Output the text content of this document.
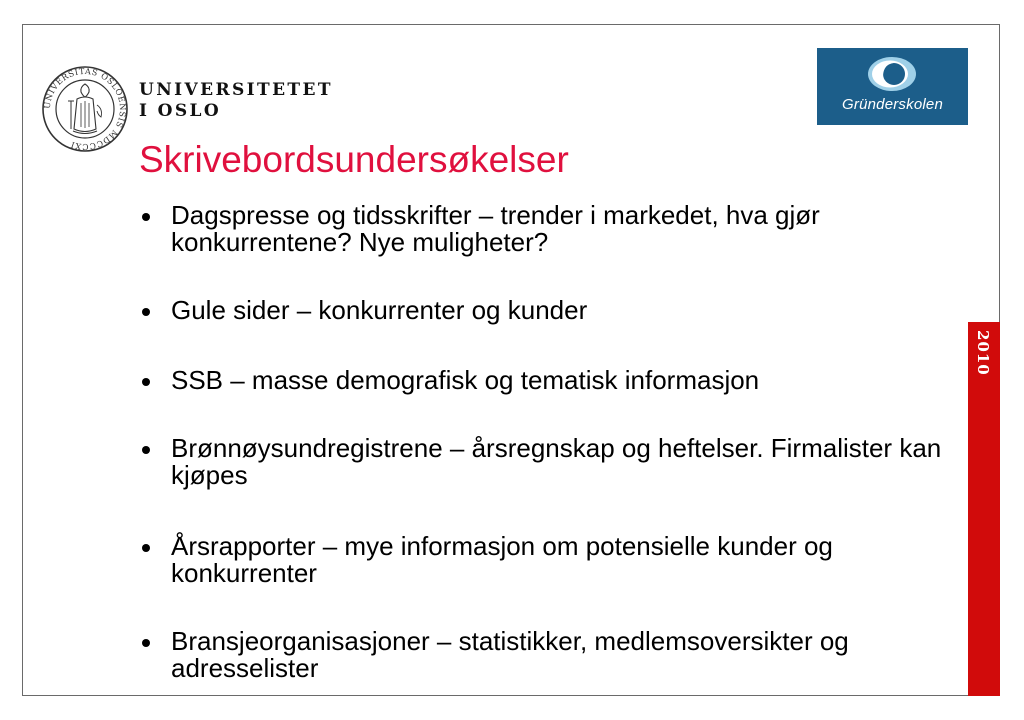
UNIVERSITAS OSLOENSIS MDCCCXI
UNIVERSITETET
I OSLO	Gründerskolen
Skrivebordsundersøkelser
Dagspresse og tidsskrifter – trender i markedet, hva gjør konkurrentene? Nye muligheter?
Gule sider – konkurrenter og kunder
SSB – masse demografisk og tematisk informasjon
Brønnøysundregistrene – årsregnskap og heftelser. Firmalister kan kjøpes
Årsrapporter – mye informasjon om potensielle kunder og konkurrenter
Bransjeorganisasjoner – statistikker, medlemsoversikter og adresselister
2010
